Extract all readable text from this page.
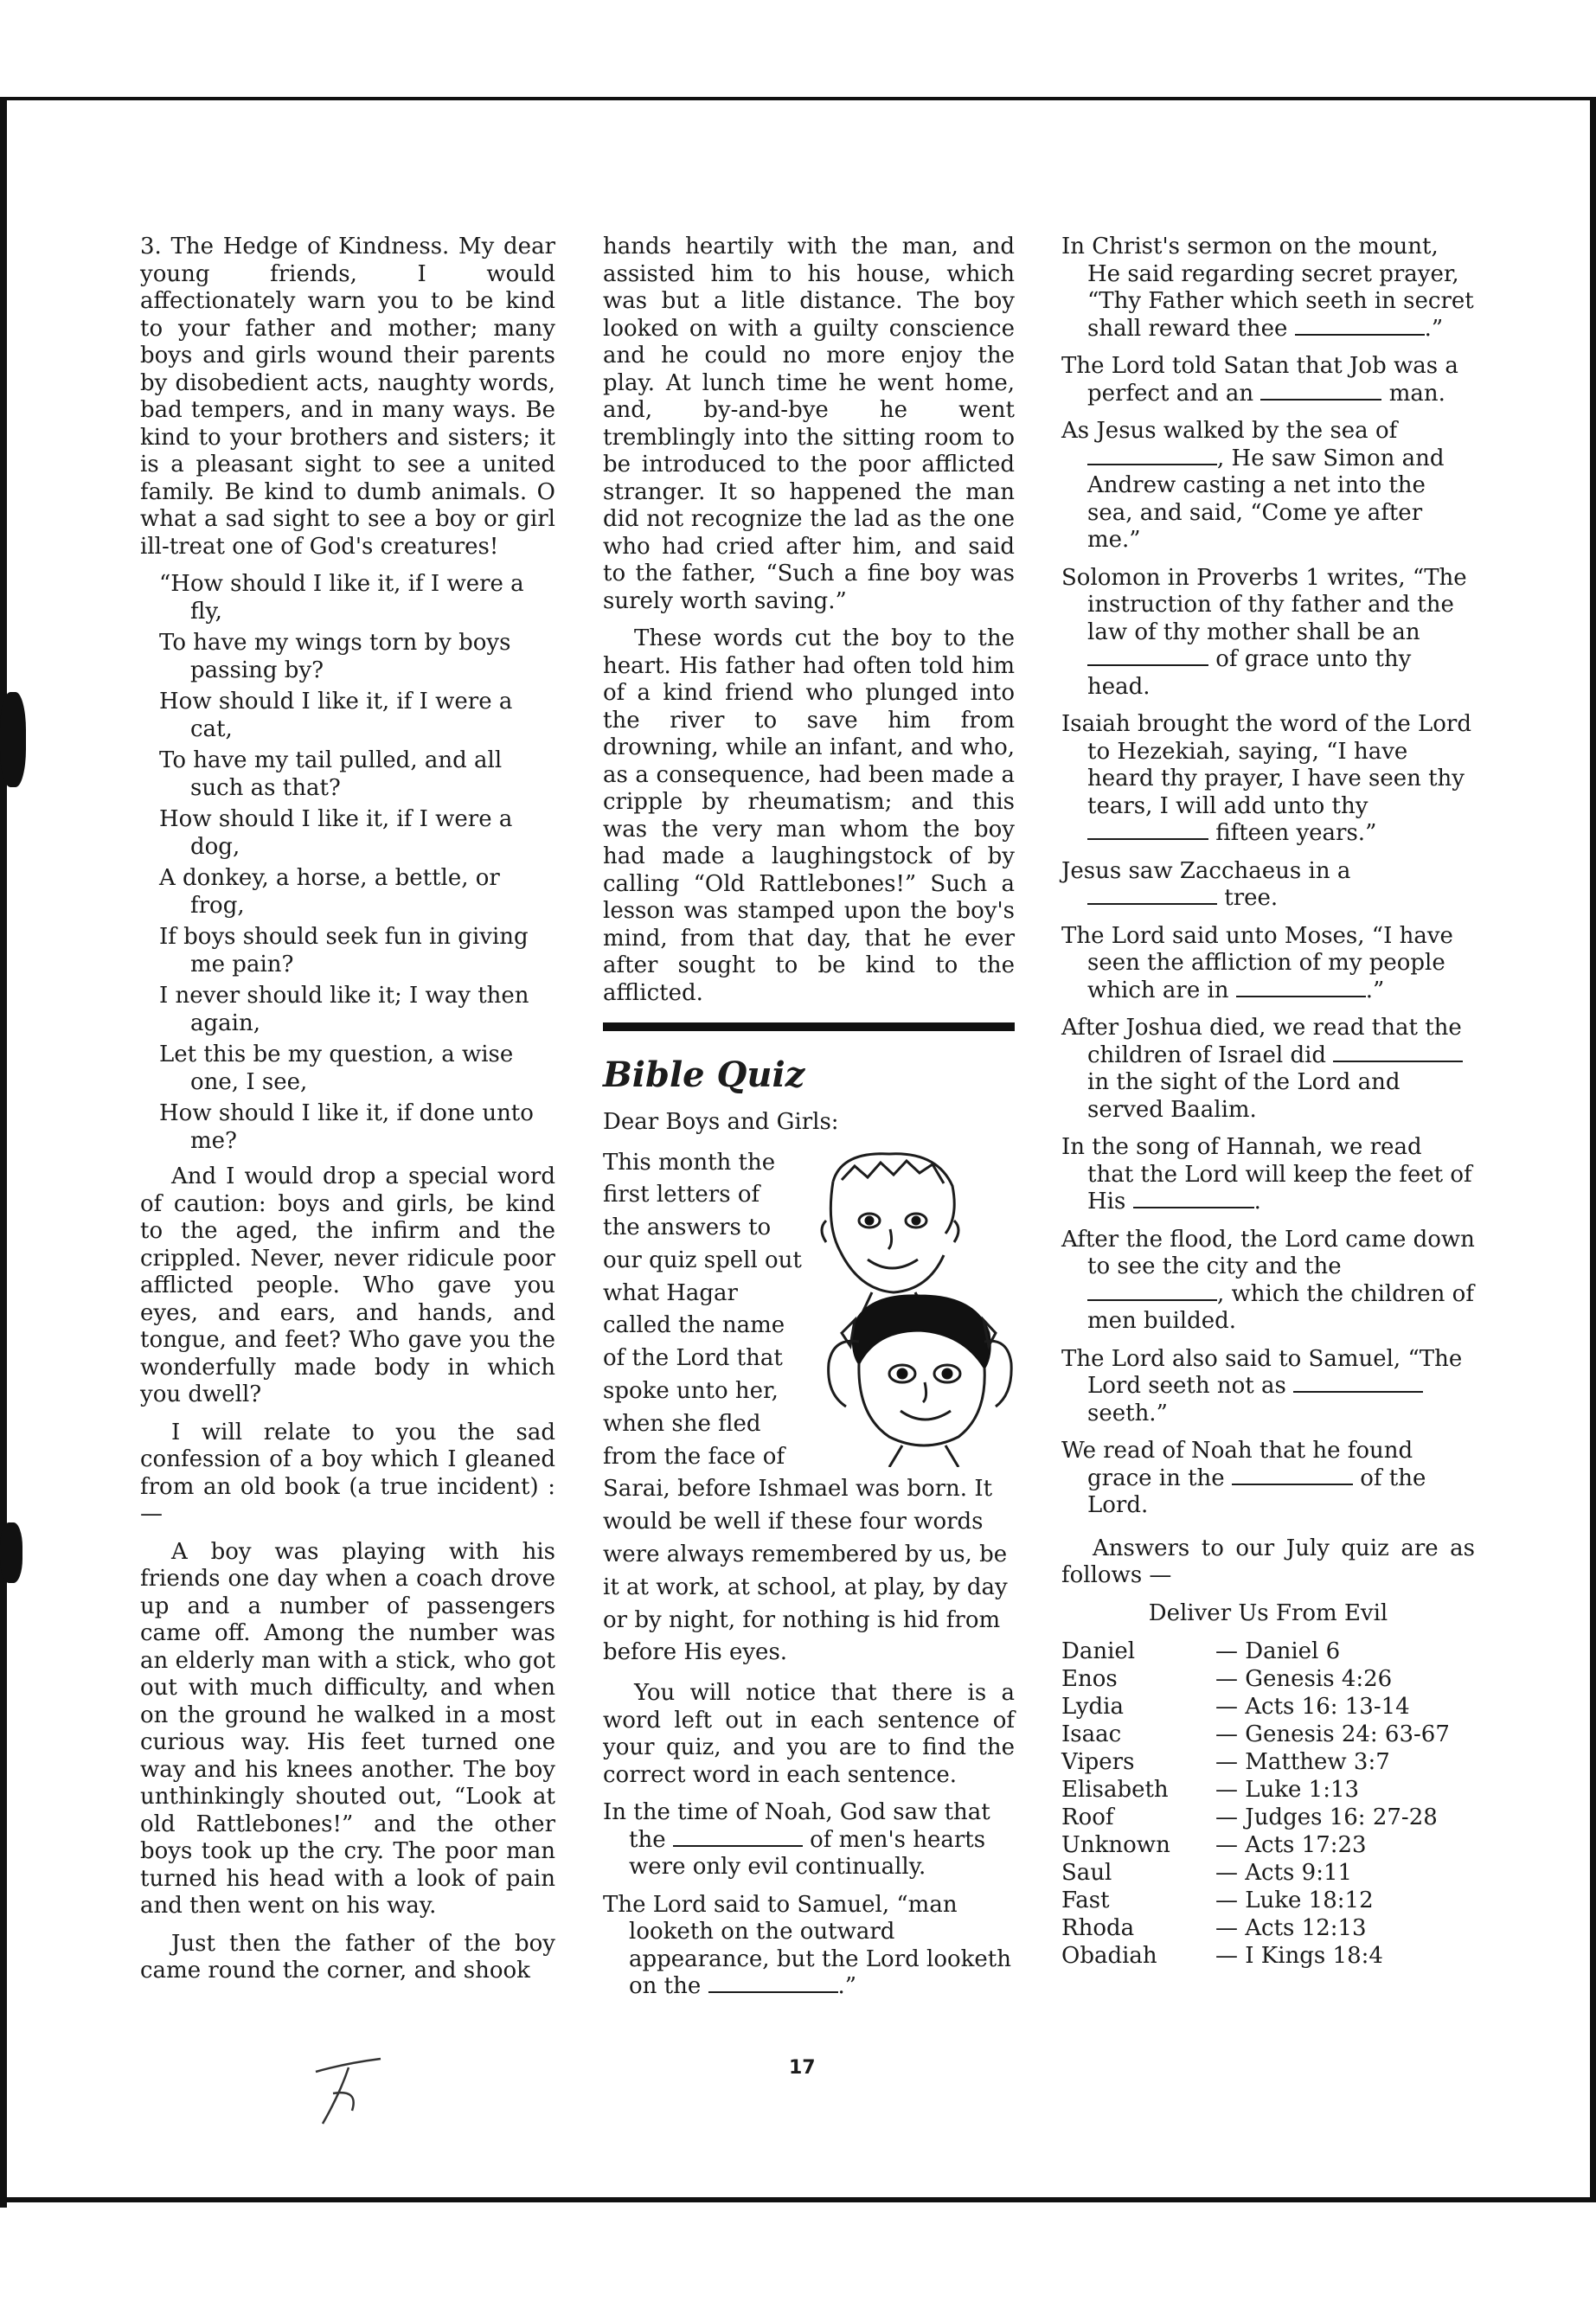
3. The Hedge of Kindness. My dear young friends, I would affectionately warn you to be kind to your father and mother; many boys and girls wound their parents by disobedient acts, naughty words, bad tempers, and in many ways. Be kind to your brothers and sisters; it is a pleasant sight to see a united family. Be kind to dumb animals. O what a sad sight to see a boy or girl ill-treat one of God's creatures!

“How should I like it, if I were a fly,

To have my wings torn by boys passing by?

How should I like it, if I were a cat,

To have my tail pulled, and all such as that?

How should I like it, if I were a dog,

A donkey, a horse, a bettle, or frog,

If boys should seek fun in giving me pain?

I never should like it; I way then again,

Let this be my question, a wise one, I see,

How should I like it, if done unto me?

And I would drop a special word of caution: boys and girls, be kind to the aged, the infirm and the crippled. Never, never ridicule poor afflicted people. Who gave you eyes, and ears, and hands, and tongue, and feet? Who gave you the wonderfully made body in which you dwell?

I will relate to you the sad confession of a boy which I gleaned from an old book (a true incident) :—

A boy was playing with his friends one day when a coach drove up and a number of passengers came off. Among the number was an elderly man with a stick, who got out with much difficulty, and when on the ground he walked in a most curious way. His feet turned one way and his knees another. The boy unthinkingly shouted out, “Look at old Rattlebones!” and the other boys took up the cry. The poor man turned his head with a look of pain and then went on his way.

Just then the father of the boy came round the corner, and shook

hands heartily with the man, and assisted him to his house, which was but a litle distance. The boy looked on with a guilty conscience and he could no more enjoy the play. At lunch time he went home, and, by-and-bye he went tremblingly into the sitting room to be introduced to the poor afflicted stranger. It so happened the man did not recognize the lad as the one who had cried after him, and said to the father, “Such a fine boy was surely worth saving.”

These words cut the boy to the heart. His father had often told him of a kind friend who plunged into the river to save him from drowning, while an infant, and who, as a consequence, had been made a cripple by rheumatism; and this was the very man whom the boy had made a laughingstock of by calling “Old Rattlebones!” Such a lesson was stamped upon the boy's mind, from that day, that he ever after sought to be kind to the afflicted.

Bible Quiz

Dear Boys and Girls:

This month the first letters of the answers to our quiz spell out what Hagar called the name of the Lord that spoke unto her, when she fled from the face of Sarai, before Ishmael was born. It would be well if these four words were always remembered by us, be it at work, at school, at play, by day or by night, for nothing is hid from before His eyes.

You will notice that there is a word left out in each sentence of your quiz, and you are to find the correct word in each sentence.

In the time of Noah, God saw that the	of men's hearts were only evil continually.

The Lord said to Samuel, “man looketh on the outward appearance, but the Lord looketh on the	.”

In Christ's sermon on the mount, He said regarding secret prayer, “Thy Father which seeth in secret shall reward thee	.”

The Lord told Satan that Job was a perfect and an	man.

As Jesus walked by the sea of , He saw Simon and Andrew casting a net into the sea, and said, “Come ye after me.”

Solomon in Proverbs 1 writes, “The instruction of thy father and the law of thy mother shall be an  of grace unto thy head.

Isaiah brought the word of the Lord to Hezekiah, saying, “I have heard thy prayer, I have seen thy tears, I will add unto thy  fifteen years.”

Jesus saw Zacchaeus in a  tree.

The Lord said unto Moses, “I have seen the affliction of my people which are in	.”

After Joshua died, we read that the children of Israel did  in the sight of the Lord and served Baalim.

In the song of Hannah, we read that the Lord will keep the feet of His	.

After the flood, the Lord came down to see the city and the , which the children of men builded.

The Lord also said to Samuel, “The Lord seeth not as  seeth.”

We read of Noah that he found grace in the	of the Lord.

Answers to our July quiz are as follows —

Deliver Us From Evil

Daniel	— Daniel 6
Enos	— Genesis 4:26
Lydia	— Acts 16: 13-14
Isaac	— Genesis 24: 63-67
Vipers	— Matthew 3:7
Elisabeth	— Luke 1:13
Roof	— Judges 16: 27-28
Unknown	— Acts 17:23
Saul	— Acts 9:11
Fast	— Luke 18:12
Rhoda	— Acts 12:13
Obadiah	— I Kings 18:4
17
